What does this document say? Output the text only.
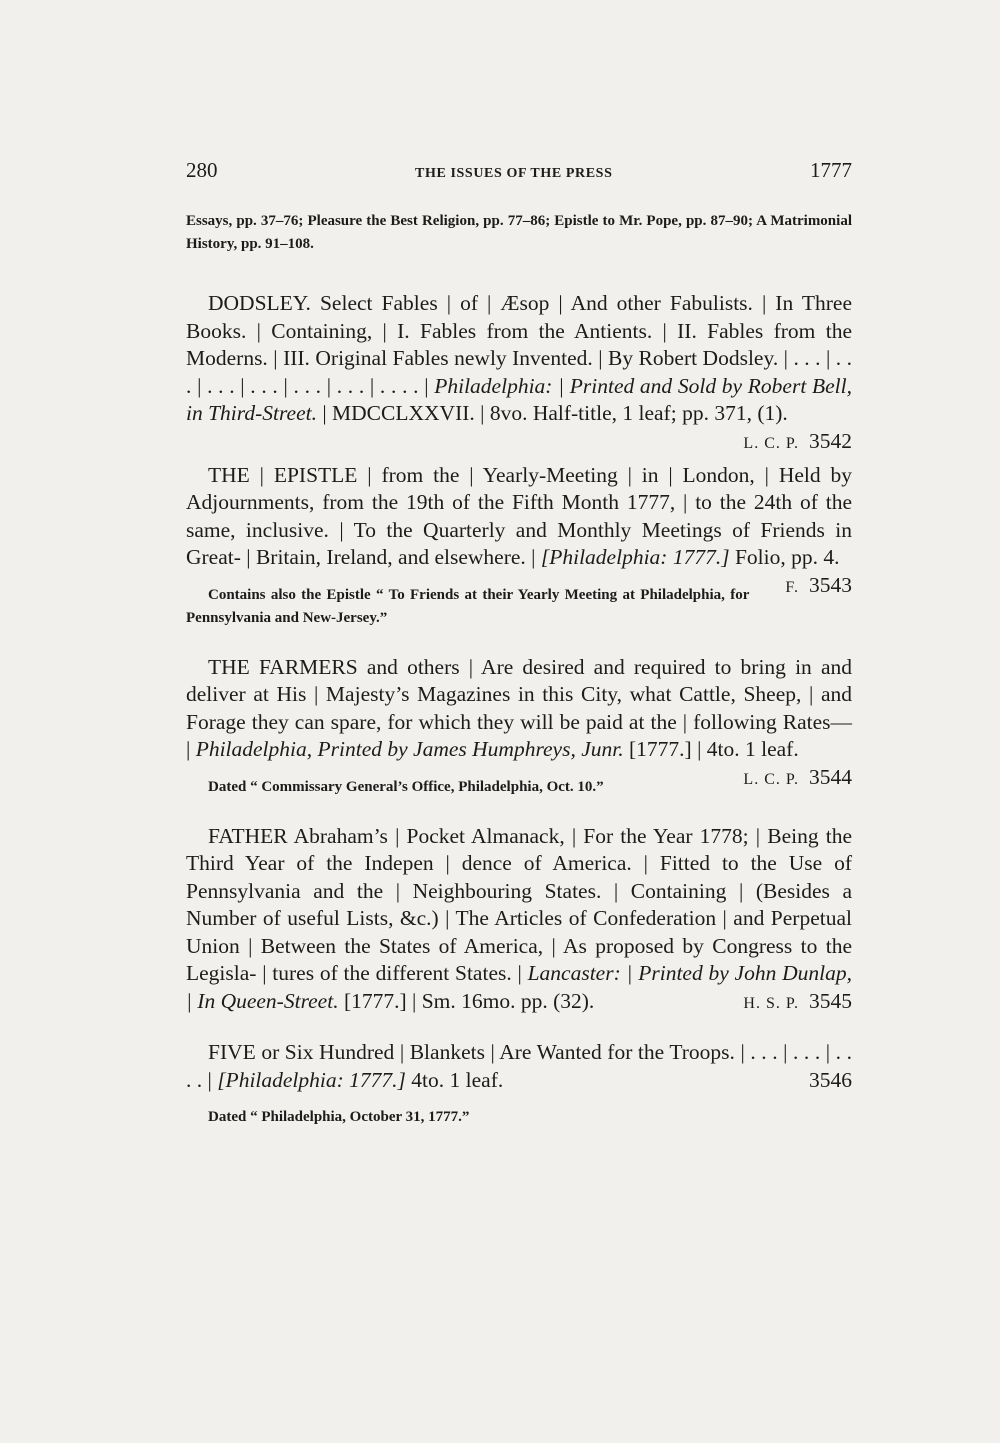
280	THE ISSUES OF THE PRESS	1777

Essays, pp. 37–76; Pleasure the Best Religion, pp. 77–86; Epistle to Mr. Pope, pp. 87–90; A Matrimonial History, pp. 91–108.

DODSLEY. Select Fables | of | Æsop | And other Fabulists. | In Three Books. | Containing, | I. Fables from the Antients. | II. Fables from the Moderns. | III. Original Fables newly Invented. | By Robert Dodsley. | . . . | . . . | . . . | . . . | . . . | . . . | . . . . | Philadelphia: | Printed and Sold by Robert Bell, in Third-Street. | MDCCLXXVII. | 8vo. Half-title, 1 leaf; pp. 371, (1).
L. C. P. 3542

THE | EPISTLE | from the | Yearly-Meeting | in | London, | Held by Adjournments, from the 19th of the Fifth Month 1777, | to the 24th of the same, inclusive. | To the Quarterly and Monthly Meetings of Friends in Great- | Britain, Ireland, and elsewhere. | [Philadelphia: 1777.] Folio, pp. 4.
F. 3543

Contains also the Epistle “ To Friends at their Yearly Meeting at Philadelphia, for Pennsylvania and New-Jersey.”

THE FARMERS and others | Are desired and required to bring in and deliver at His | Majesty’s Magazines in this City, what Cattle, Sheep, | and Forage they can spare, for which they will be paid at the | following Rates— | Philadelphia, Printed by James Humphreys, Junr. [1777.] | 4to. 1 leaf.
L. C. P. 3544

Dated “ Commissary General’s Office, Philadelphia, Oct. 10.”

FATHER Abraham’s | Pocket Almanack, | For the Year 1778; | Being the Third Year of the Indepen | dence of America. | Fitted to the Use of Pennsylvania and the | Neighbouring States. | Containing | (Besides a Number of useful Lists, &c.) | The Articles of Confederation | and Perpetual Union | Between the States of America, | As proposed by Congress to the Legisla- | tures of the different States. | Lancaster: | Printed by John Dunlap, | In Queen-Street. [1777.] | Sm. 16mo. pp. (32).	H. S. P. 3545

FIVE or Six Hundred | Blankets | Are Wanted for the Troops. | . . . | . . . | . . . . | [Philadelphia: 1777.] 4to. 1 leaf.	3546

Dated “ Philadelphia, October 31, 1777.”
